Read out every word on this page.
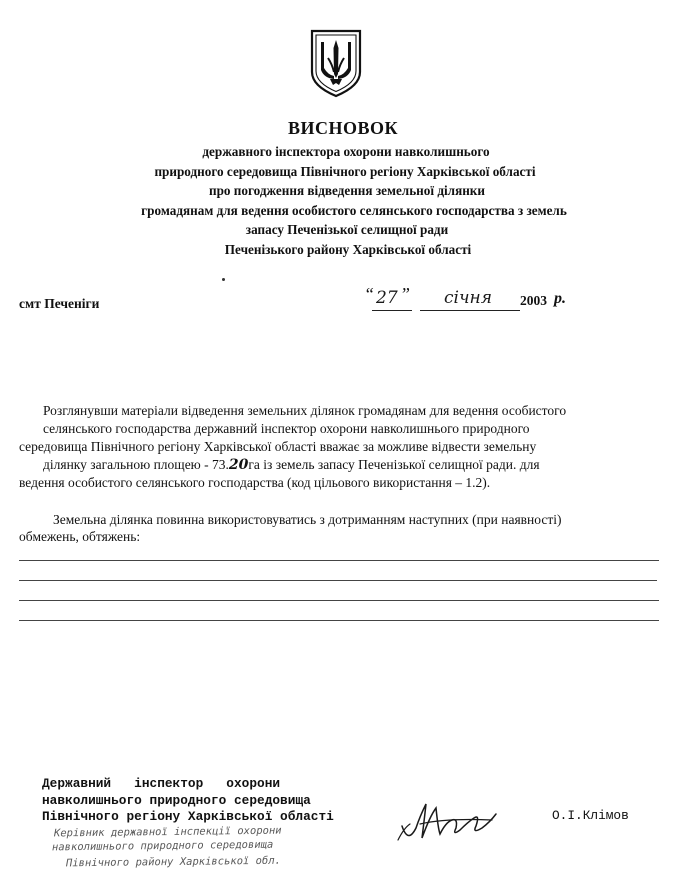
ВИСНОВОК

державного інспектора охорони навколишнього

природного середовища Північного регіону Харківської області

про погодження відведення земельної ділянки

громадянам для ведення особистого селянського господарства з земель

запасу Печенізької селищної ради

Печенізького району Харківської області

смт Печеніги	“ 27 ” січня 2003 р.
Розглянувши матеріали відведення земельних ділянок громадянам для ведення особистого
селянського господарства державний інспектор охорони навколишнього природного
середовища Північного регіону Харківської області вважає за можливе відвести земельну
ділянку загальною площею - 73.20га із земель запасу Печенізької селищної ради. для
ведення особистого селянського господарства (код цільового використання – 1.2).
Земельна ділянка повинна використовуватись з дотриманням наступних (при наявності)
обмежень, обтяжень:
Керівник державної інспекції охорони
навколишнього природного середовища
Північного району Харківської обл.
Державний   інспектор   охорони
навколишнього природного середовища
Північного регіону Харківської області	О.І.Клімов
